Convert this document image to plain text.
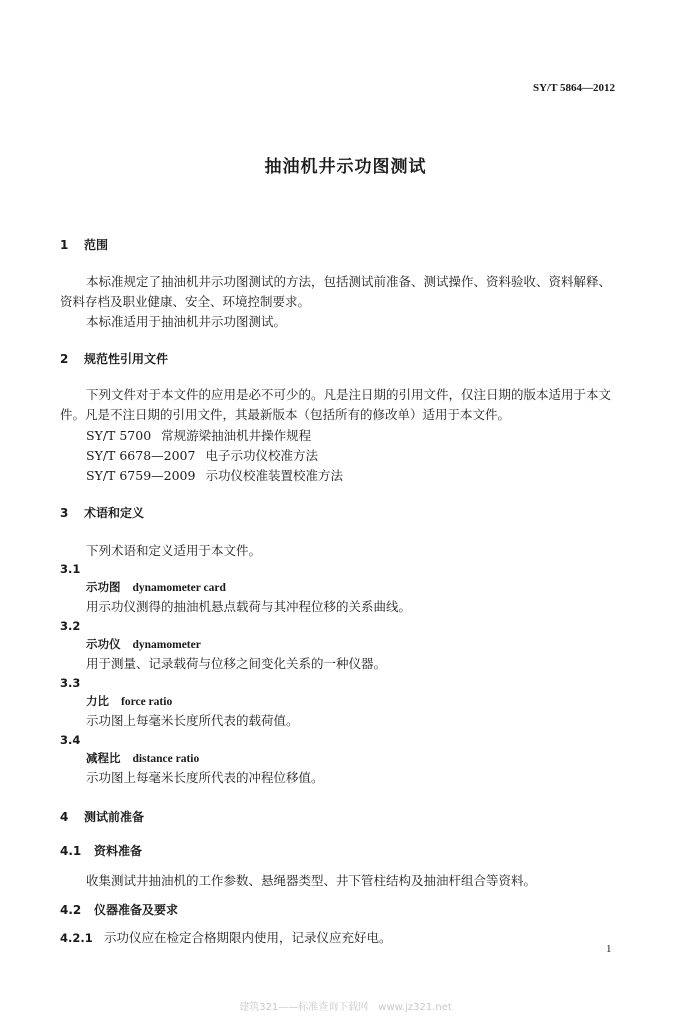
SY/T 5864—2012
抽油机井示功图测试
1 范围
本标准规定了抽油机井示功图测试的方法，包括测试前准备、测试操作、资料验收、资料解释、
资料存档及职业健康、安全、环境控制要求。
本标准适用于抽油机井示功图测试。
2 规范性引用文件
下列文件对于本文件的应用是必不可少的。凡是注日期的引用文件，仅注日期的版本适用于本文
件。凡是不注日期的引用文件，其最新版本（包括所有的修改单）适用于本文件。
SY/T 5700 常规游梁抽油机井操作规程
SY/T 6678—2007 电子示功仪校准方法
SY/T 6759—2009 示功仪校准装置校准方法
3 术语和定义
下列术语和定义适用于本文件。
3.1
示功图 dynamometer card
用示功仪测得的抽油机悬点载荷与其冲程位移的关系曲线。
3.2
示功仪 dynamometer
用于测量、记录载荷与位移之间变化关系的一种仪器。
3.3
力比 force ratio
示功图上每毫米长度所代表的载荷值。
3.4
减程比 distance ratio
示功图上每毫米长度所代表的冲程位移值。
4 测试前准备
4.1 资料准备
收集测试井抽油机的工作参数、悬绳器类型、井下管柱结构及抽油杆组合等资料。
4.2 仪器准备及要求
4.2.1 示功仪应在检定合格期限内使用，记录仪应充好电。
1
建筑321——标准查询下载网　www.jz321.net
